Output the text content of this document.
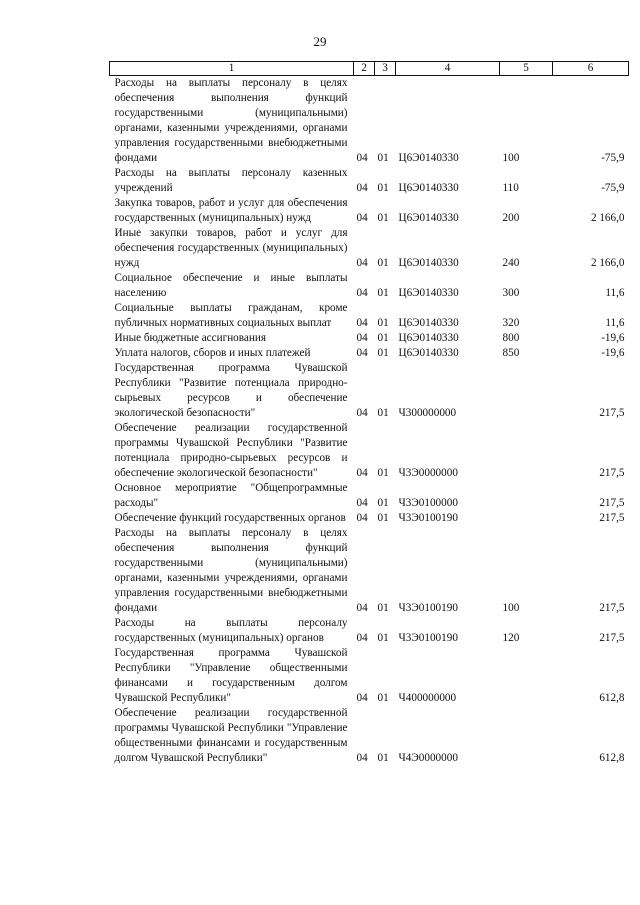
29
1	2	3	4	5	6
Расходы на выплаты персоналу в целях обеспечения выполнения функций государственными (муниципальными) органами, казенными учреждениями, органами управления государственными внебюджетными фондами	04	01	Ц6Э0140330	100	-75,9
Расходы на выплаты персоналу казенных учреждений	04	01	Ц6Э0140330	110	-75,9
Закупка товаров, работ и услуг для обеспечения государственных (муниципальных) нужд	04	01	Ц6Э0140330	200	2 166,0
Иные закупки товаров, работ и услуг для обеспечения государственных (муниципальных) нужд	04	01	Ц6Э0140330	240	2 166,0
Социальное обеспечение и иные выплаты населению	04	01	Ц6Э0140330	300	11,6
Социальные выплаты гражданам, кроме публичных нормативных социальных выплат	04	01	Ц6Э0140330	320	11,6
Иные бюджетные ассигнования	04	01	Ц6Э0140330	800	-19,6
Уплата налогов, сборов и иных платежей	04	01	Ц6Э0140330	850	-19,6
Государственная программа Чувашской Республики "Развитие потенциала природно-сырьевых ресурсов и обеспечение экологической безопасности"	04	01	Ч300000000		217,5
Обеспечение реализации государственной программы Чувашской Республики "Развитие потенциала природно-сырьевых ресурсов и обеспечение экологической безопасности"	04	01	Ч3Э0000000		217,5
Основное мероприятие "Общепрограммные расходы"	04	01	Ч3Э0100000		217,5
Обеспечение функций государственных органов	04	01	Ч3Э0100190		217,5
Расходы на выплаты персоналу в целях обеспечения выполнения функций государственными (муниципальными) органами, казенными учреждениями, органами управления государственными внебюджетными фондами	04	01	Ч3Э0100190	100	217,5
Расходы на выплаты персоналу государственных (муниципальных) органов	04	01	Ч3Э0100190	120	217,5
Государственная программа Чувашской Республики "Управление общественными финансами и государственным долгом Чувашской Республики"	04	01	Ч400000000		612,8
Обеспечение реализации государственной программы Чувашской Республики "Управление общественными финансами и государственным долгом Чувашской Республики"	04	01	Ч4Э0000000		612,8
